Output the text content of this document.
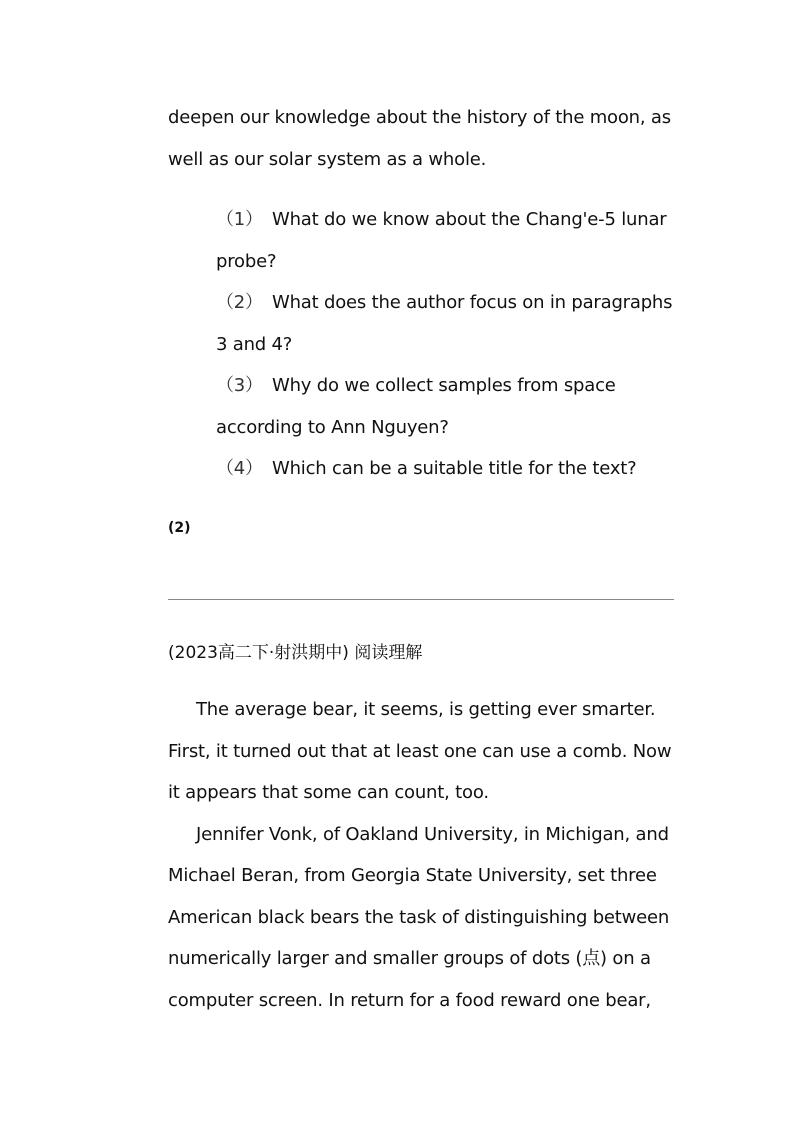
deepen our knowledge about the history of the moon, as
well as our solar system as a whole.

（1） What do we know about the Chang'e-5 lunar
probe?
（2） What does the author focus on in paragraphs
3 and 4?
（3） Why do we collect samples from space
according to Ann Nguyen?
（4） Which can be a suitable title for the text?

(2)

(2023高二下·射洪期中) 阅读理解

The average bear, it seems, is getting ever smarter.
First, it turned out that at least one can use a comb. Now
it appears that some can count, too.
Jennifer Vonk, of Oakland University, in Michigan, and
Michael Beran, from Georgia State University, set three
American black bears the task of distinguishing between
numerically larger and smaller groups of dots (点) on a
computer screen. In return for a food reward one bear,
